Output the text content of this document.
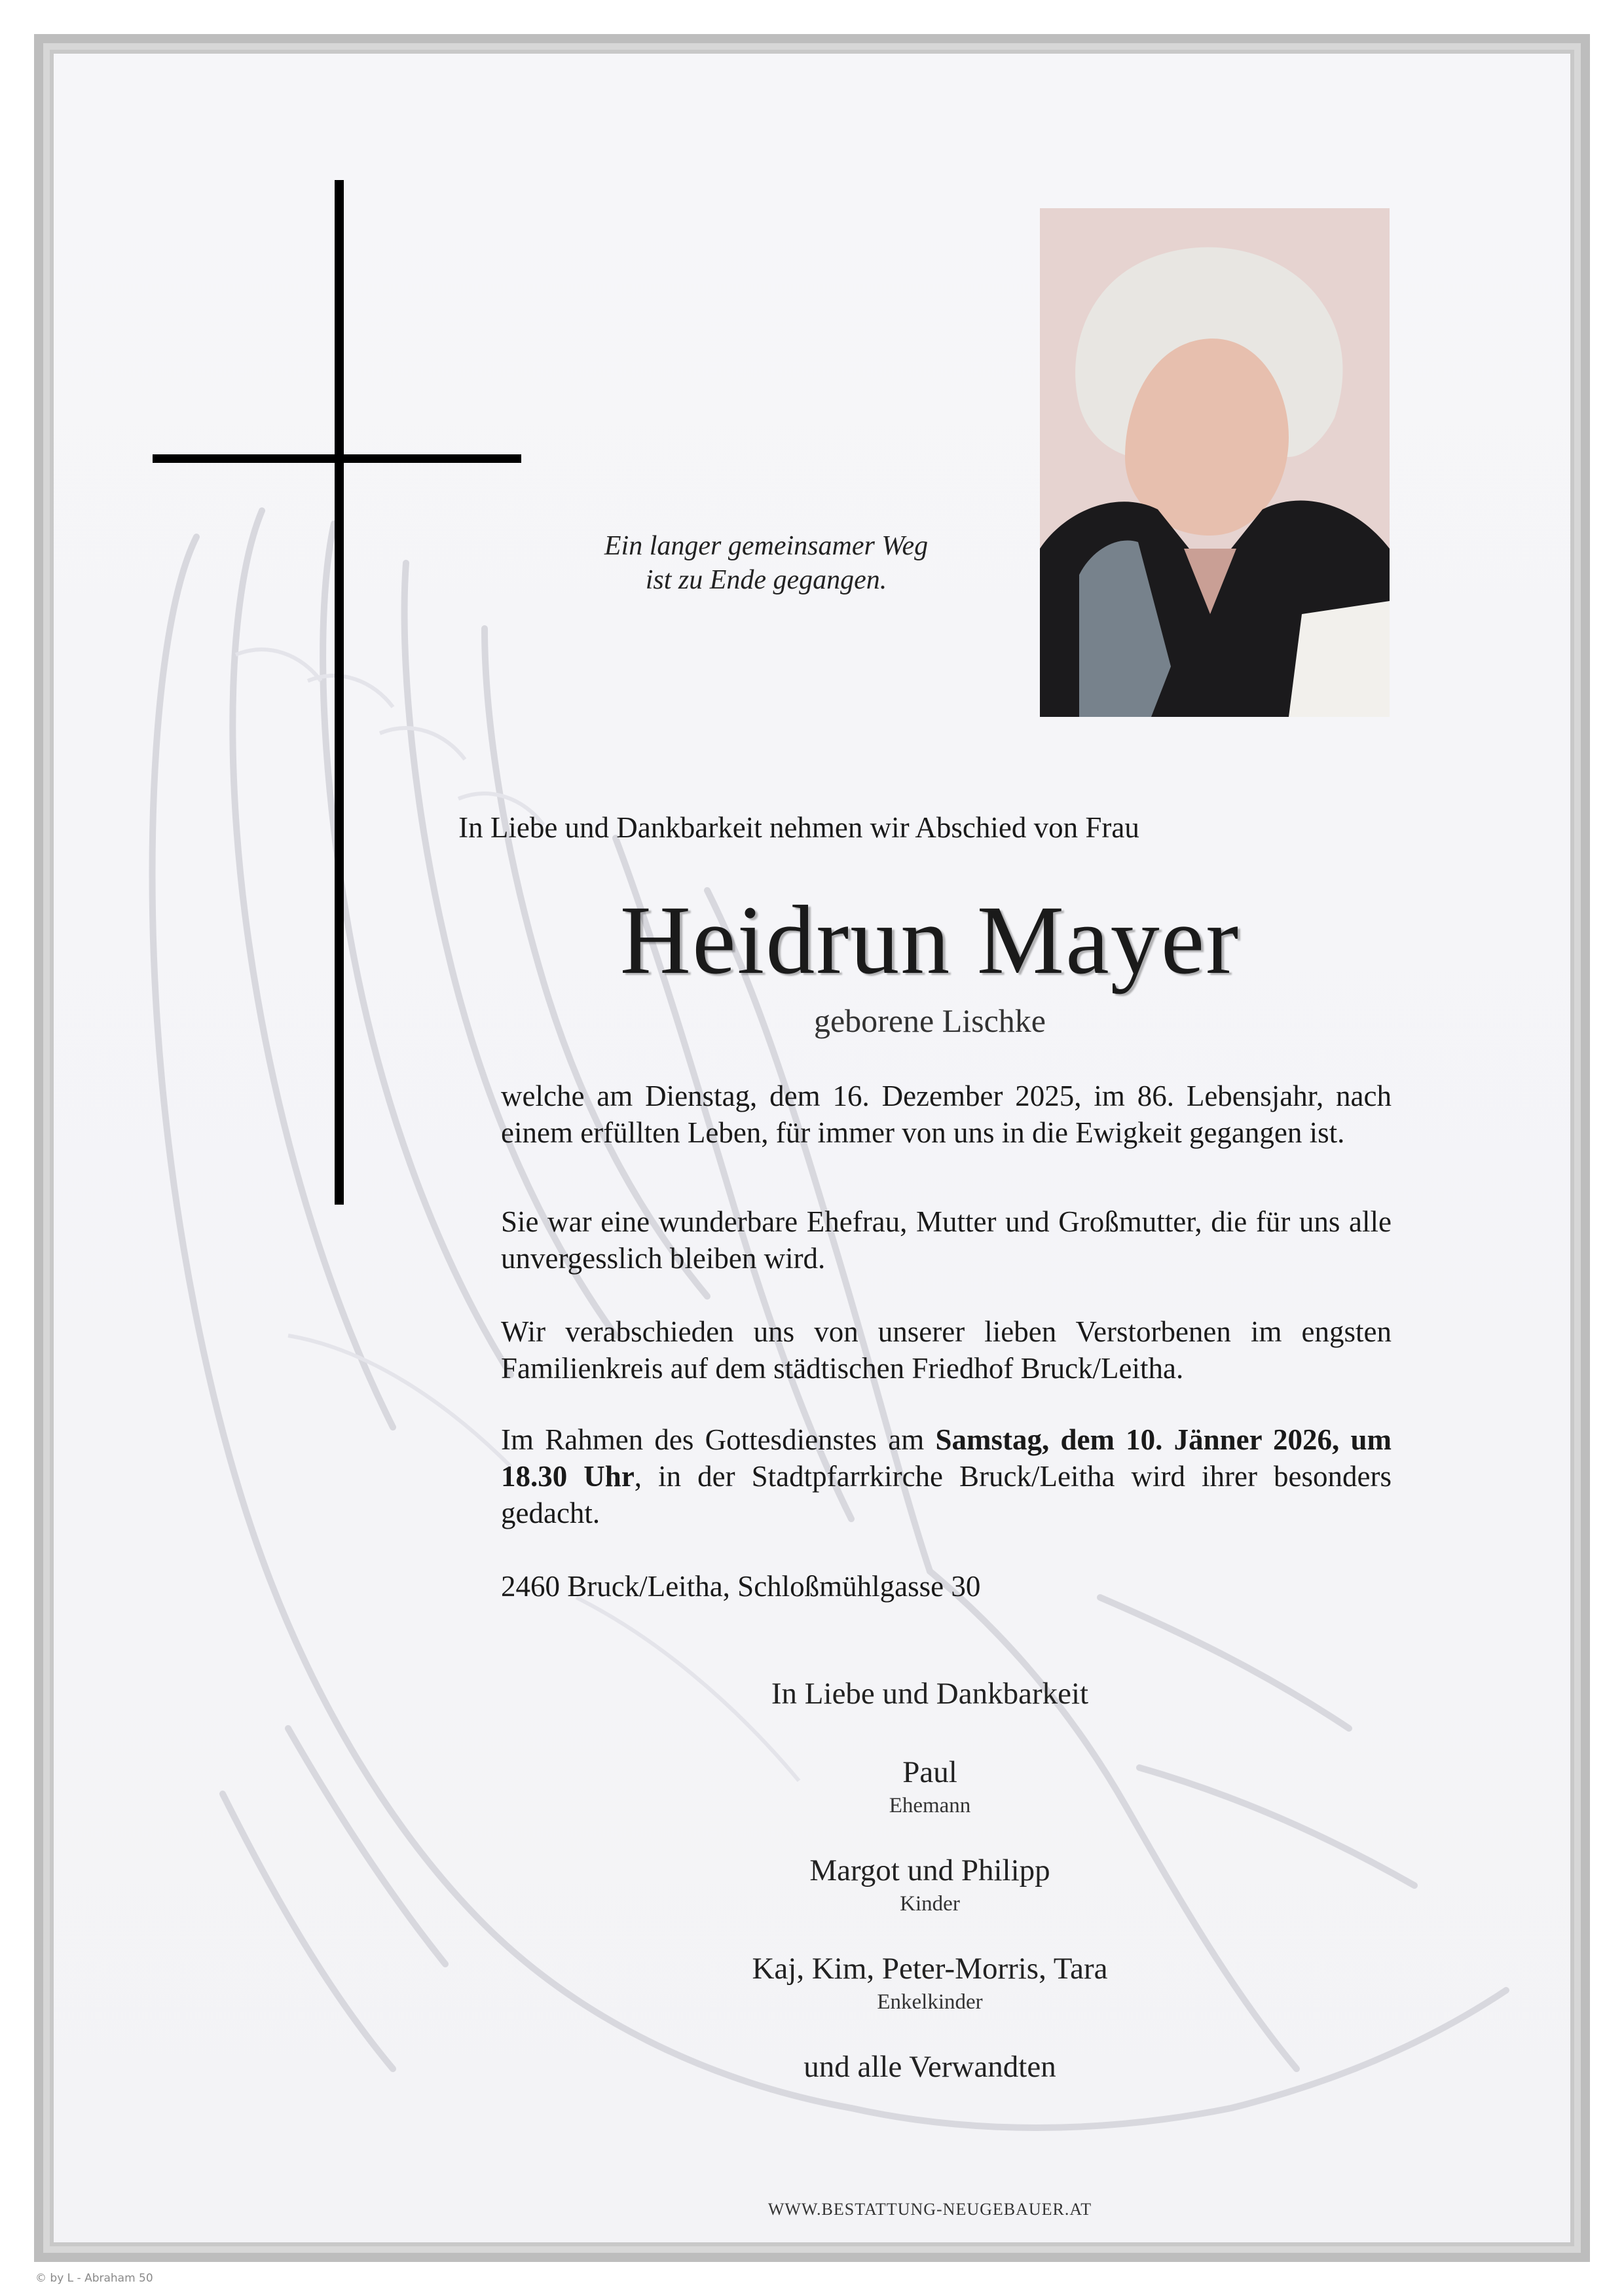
Ein langer gemeinsamer Weg
ist zu Ende gegangen.
In Liebe und Dankbarkeit nehmen wir Abschied von Frau
Heidrun Mayer
geborene Lischke
welche am Dienstag, dem 16. Dezember 2025, im 86. Lebensjahr, nach einem erfüllten Leben, für immer von uns in die Ewigkeit gegangen ist.
Sie war eine wunderbare Ehefrau, Mutter und Großmutter, die für uns alle unvergesslich bleiben wird.
Wir verabschieden uns von unserer lieben Verstorbenen im engsten Familienkreis auf dem städtischen Friedhof Bruck/Leitha.
Im Rahmen des Gottesdienstes am Samstag, dem 10. Jänner 2026, um 18.30 Uhr, in der Stadtpfarrkirche Bruck/Leitha wird ihrer besonders gedacht.
2460 Bruck/Leitha, Schloßmühlgasse 30
In Liebe und Dankbarkeit
Paul
Ehemann
Margot und Philipp
Kinder
Kaj, Kim, Peter-Morris, Tara
Enkelkinder
und alle Verwandten
WWW.BESTATTUNG-NEUGEBAUER.AT
© by L - Abraham 50
